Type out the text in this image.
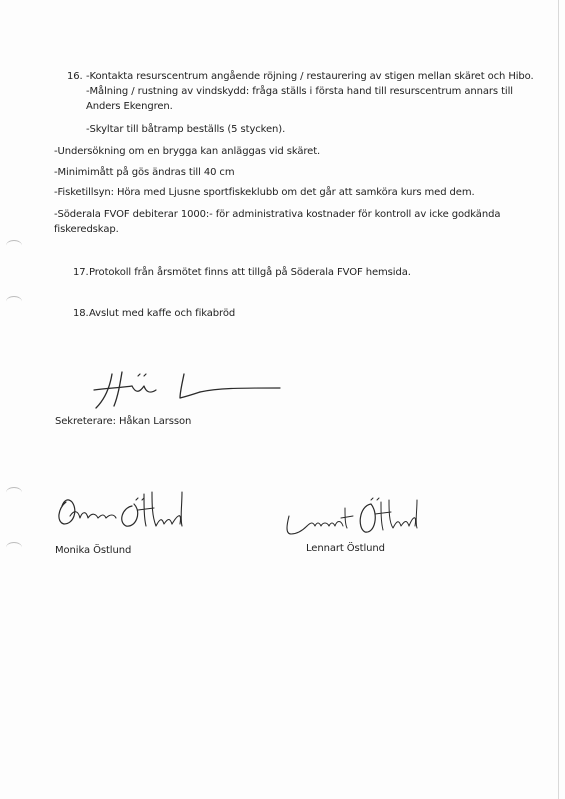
16. -Kontakta resurscentrum angående röjning / restaurering av stigen mellan skäret och Hibo.
-Målning / rustning av vindskydd: fråga ställs i första hand till resurscentrum annars till
Anders Ekengren.
-Skyltar till båtramp beställs (5 stycken).
-Undersökning om en brygga kan anläggas vid skäret.
-Minimimått på gös ändras till 40 cm
-Fisketillsyn: Höra med Ljusne sportfiskeklubb om det går att samköra kurs med dem.
-Söderala FVOF debiterar 1000:- för administrativa kostnader för kontroll av icke godkända
fiskeredskap.
17. Protokoll från årsmötet finns att tillgå på Söderala FVOF hemsida.
18. Avslut med kaffe och fikabröd
Sekreterare: Håkan Larsson
Monika Östlund	Lennart Östlund
